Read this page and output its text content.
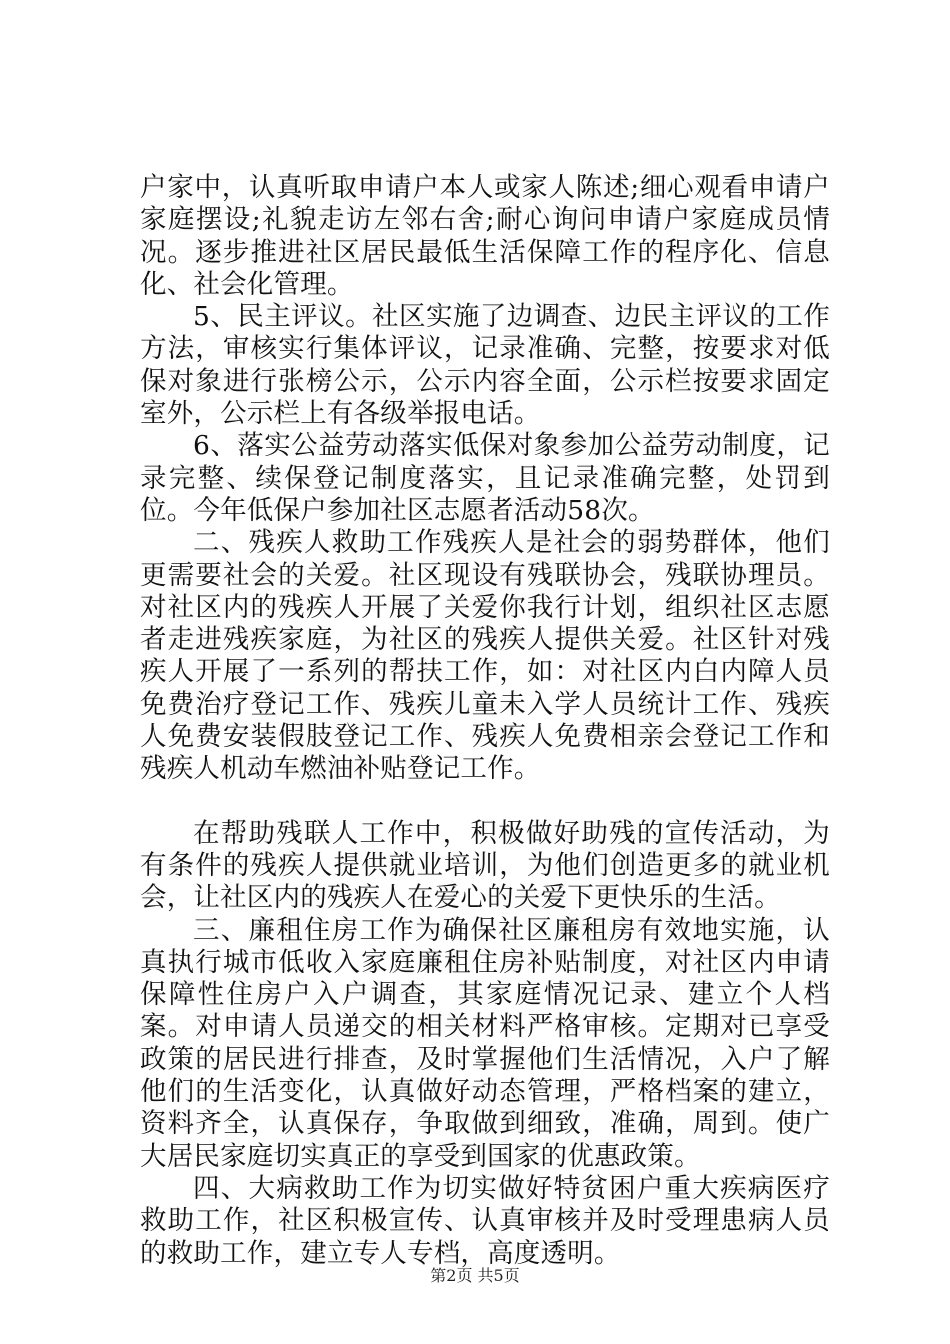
户家中，认真听取申请户本人或家人陈述;细心观看申请户家庭摆设;礼貌走访左邻右舍;耐心询问申请户家庭成员情况。逐步推进社区居民最低生活保障工作的程序化、信息化、社会化管理。

5、民主评议。社区实施了边调查、边民主评议的工作方法，审核实行集体评议，记录准确、完整，按要求对低保对象进行张榜公示，公示内容全面，公示栏按要求固定室外，公示栏上有各级举报电话。

6、落实公益劳动落实低保对象参加公益劳动制度，记录完整、续保登记制度落实，且记录准确完整，处罚到位。今年低保户参加社区志愿者活动58次。

二、残疾人救助工作残疾人是社会的弱势群体，他们更需要社会的关爱。社区现设有残联协会，残联协理员。对社区内的残疾人开展了关爱你我行计划，组织社区志愿者走进残疾家庭，为社区的残疾人提供关爱。社区针对残疾人开展了一系列的帮扶工作，如：对社区内白内障人员免费治疗登记工作、残疾儿童未入学人员统计工作、残疾人免费安装假肢登记工作、残疾人免费相亲会登记工作和残疾人机动车燃油补贴登记工作。

在帮助残联人工作中，积极做好助残的宣传活动，为有条件的残疾人提供就业培训，为他们创造更多的就业机会，让社区内的残疾人在爱心的关爱下更快乐的生活。

三、廉租住房工作为确保社区廉租房有效地实施，认真执行城市低收入家庭廉租住房补贴制度，对社区内申请保障性住房户入户调查，其家庭情况记录、建立个人档案。对申请人员递交的相关材料严格审核。定期对已享受政策的居民进行排查，及时掌握他们生活情况，入户了解他们的生活变化，认真做好动态管理，严格档案的建立，资料齐全，认真保存，争取做到细致，准确，周到。使广大居民家庭切实真正的享受到国家的优惠政策。

四、大病救助工作为切实做好特贫困户重大疾病医疗救助工作，社区积极宣传、认真审核并及时受理患病人员的救助工作，建立专人专档，高度透明。

第2页 共5页
